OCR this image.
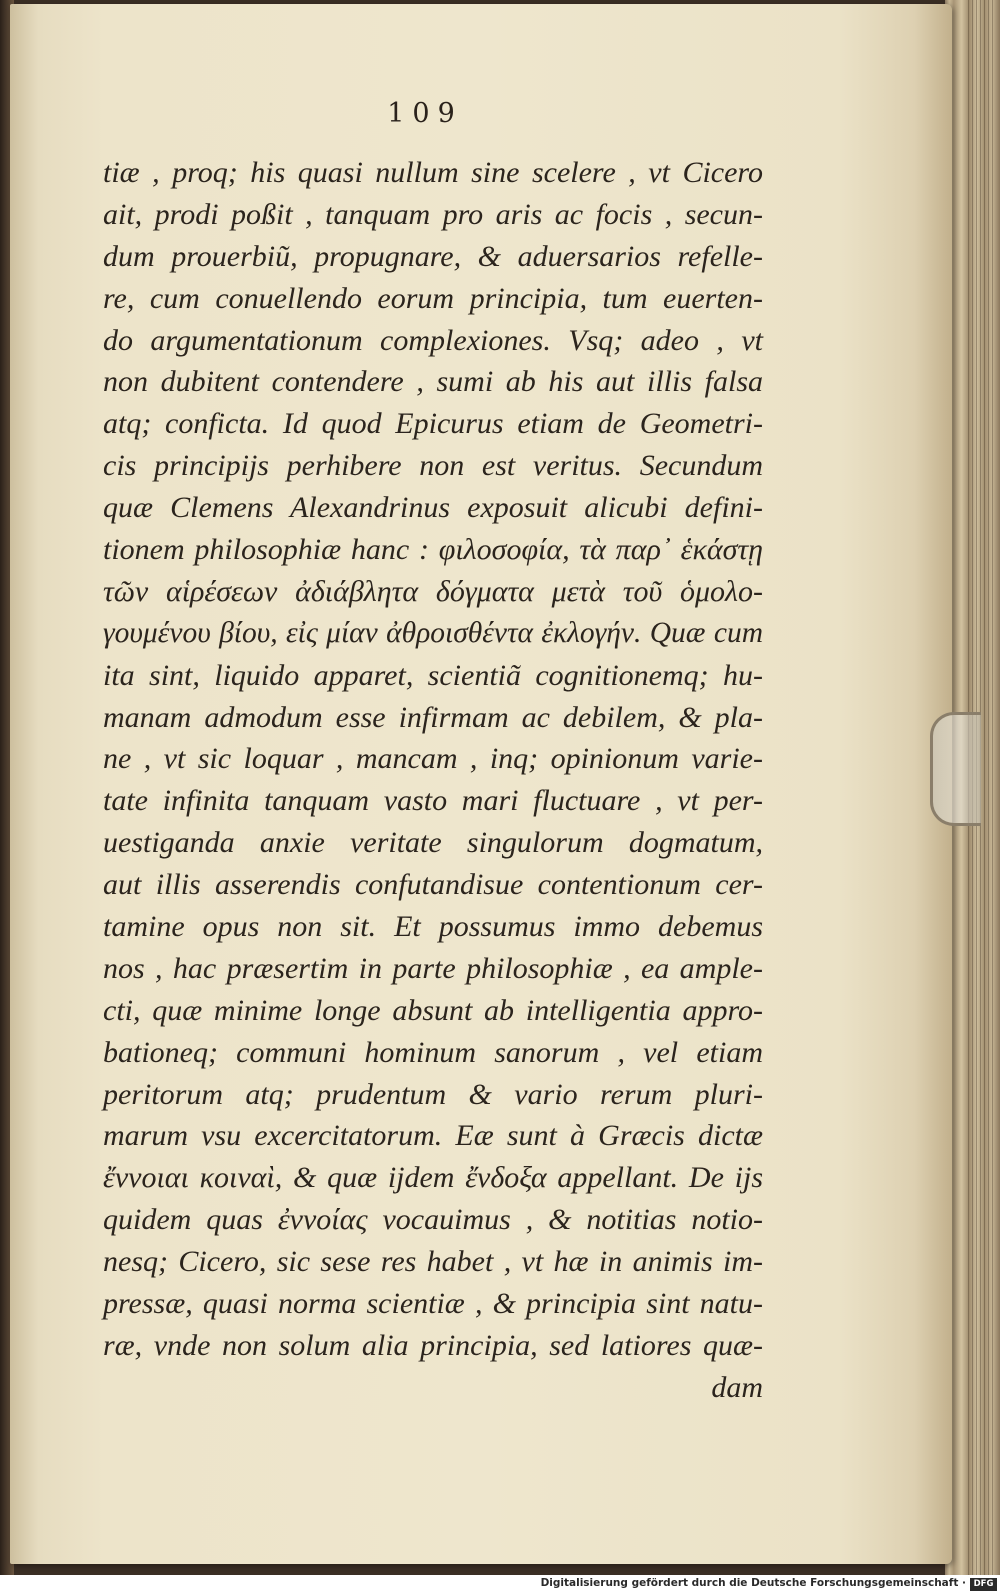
109
tiæ , proq; his quasi nullum sine scelere , vt Cicero
ait, prodi poßit , tanquam pro aris ac focis , secun-
dum prouerbiũ, propugnare, & aduersarios refelle-
re, cum conuellendo eorum principia, tum euerten-
do argumentationum complexiones. Vsq; adeo , vt
non dubitent contendere , sumi ab his aut illis falsa
atq; conficta. Id quod Epicurus etiam de Geometri-
cis principijs perhibere non est veritus. Secundum
quæ Clemens Alexandrinus exposuit alicubi defini-
tionem philosophiæ hanc : φιλοσοφία, τὰ παρ᾽ ἑκάστῃ
τῶν αἱρέσεων ἀδιάβλητα δόγματα μετὰ τοῦ ὁμολο-
γουμένου βίου, εἰς μίαν ἀθροισθέντα ἐκλογήν. Quæ cum
ita sint, liquido apparet, scientiã cognitionemq; hu-
manam admodum esse infirmam ac debilem, & pla-
ne , vt sic loquar , mancam , inq; opinionum varie-
tate infinita tanquam vasto mari fluctuare , vt per-
uestiganda anxie veritate singulorum dogmatum,
aut illis asserendis confutandisue contentionum cer-
tamine opus non sit. Et possumus immo debemus
nos , hac præsertim in parte philosophiæ , ea ample-
cti, quæ minime longe absunt ab intelligentia appro-
bationeq; communi hominum sanorum , vel etiam
peritorum atq; prudentum & vario rerum pluri-
marum vsu excercitatorum. Eæ sunt à Græcis dictæ
ἔννοιαι κοιναὶ, & quæ ijdem ἔνδοξα appellant. De ijs
quidem quas ἐννοίας vocauimus , & notitias notio-
nesq; Cicero, sic sese res habet , vt hæ in animis im-
pressæ, quasi norma scientiæ , & principia sint natu-
ræ, vnde non solum alia principia, sed latiores quæ-
dam
Digitalisierung gefördert durch die Deutsche Forschungsgemeinschaft · DFG
